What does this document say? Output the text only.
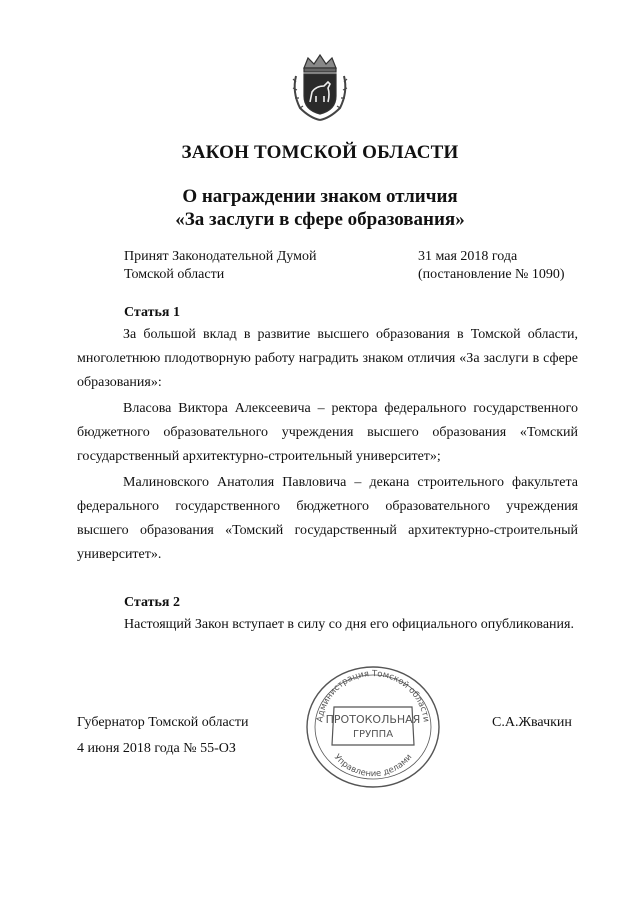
ЗАКОН ТОМСКОЙ ОБЛАСТИ
О награждении знаком отличия
«За заслуги в сфере образования»
Принят Законодательной Думой
Томской области
31 мая 2018 года
(постановление № 1090)
Статья 1
За большой вклад в развитие высшего образования в Томской области, многолетнюю плодотворную работу наградить знаком отличия «За заслуги в сфере образования»:
Власова Виктора Алексеевича – ректора федерального государственного бюджетного образовательного учреждения высшего образования «Томский государственный архитектурно-строительный университет»;
Малиновского Анатолия Павловича – декана строительного факультета федерального государственного бюджетного образовательного учреждения высшего образования «Томский государственный архитектурно-строительный университет».
Статья 2
Настоящий Закон вступает в силу со дня его официального опубликования.
Губернатор Томской области
4 июня 2018 года № 55-ОЗ
С.А.Жвачкин
Администрация Томской области
Управление делами
ПРОТОКОЛЬНАЯ
ГРУППА
